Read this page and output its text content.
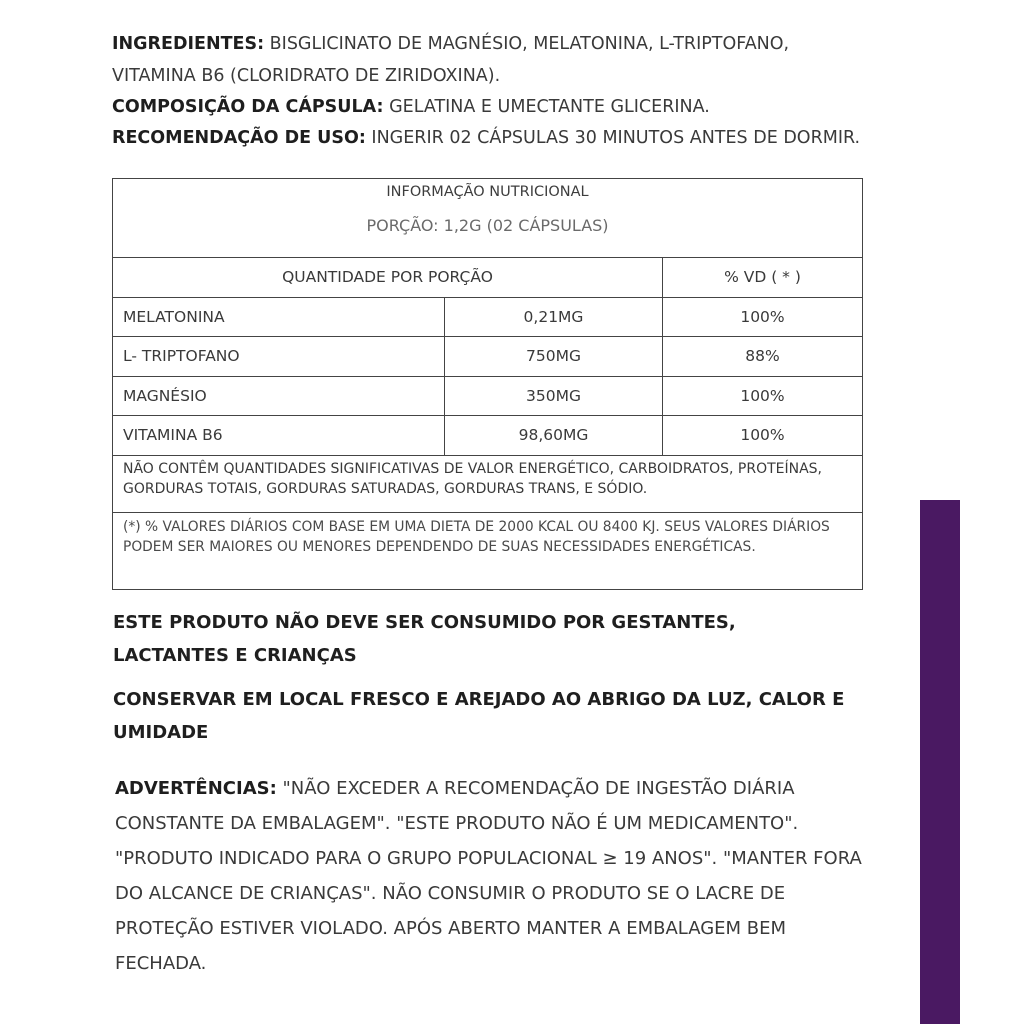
INGREDIENTES: BISGLICINATO DE MAGNÉSIO, MELATONINA, L-TRIPTOFANO, VITAMINA B6 (CLORIDRATO DE ZIRIDOXINA).
COMPOSIÇÃO DA CÁPSULA: GELATINA E UMECTANTE GLICERINA.
RECOMENDAÇÃO DE USO: INGERIR 02 CÁPSULAS 30 MINUTOS ANTES DE DORMIR.
INFORMAÇÃO NUTRICIONAL
PORÇÃO: 1,2G (02 CÁPSULAS)
QUANTIDADE POR PORÇÃO	% VD ( * )
MELATONINA	0,21MG	100%
L- TRIPTOFANO	750MG	88%
MAGNÉSIO	350MG	100%
VITAMINA B6	98,60MG	100%
NÃO CONTÊM QUANTIDADES SIGNIFICATIVAS DE VALOR ENERGÉTICO, CARBOIDRATOS, PROTEÍNAS, GORDURAS TOTAIS, GORDURAS SATURADAS, GORDURAS TRANS, E SÓDIO.
(*) % VALORES DIÁRIOS COM BASE EM UMA DIETA DE 2000 KCAL OU 8400 KJ. SEUS VALORES DIÁRIOS PODEM SER MAIORES OU MENORES DEPENDENDO DE SUAS NECESSIDADES ENERGÉTICAS.
ESTE PRODUTO NÃO DEVE SER CONSUMIDO POR GESTANTES, LACTANTES E CRIANÇAS
CONSERVAR EM LOCAL FRESCO E AREJADO AO ABRIGO DA LUZ, CALOR E UMIDADE
ADVERTÊNCIAS: "NÃO EXCEDER A RECOMENDAÇÃO DE INGESTÃO DIÁRIA CONSTANTE DA EMBALAGEM". "ESTE PRODUTO NÃO É UM MEDICAMENTO". "PRODUTO INDICADO PARA O GRUPO POPULACIONAL ≥ 19 ANOS". "MANTER FORA DO ALCANCE DE CRIANÇAS". NÃO CONSUMIR O PRODUTO SE O LACRE DE PROTEÇÃO ESTIVER VIOLADO. APÓS ABERTO MANTER A EMBALAGEM BEM FECHADA.
